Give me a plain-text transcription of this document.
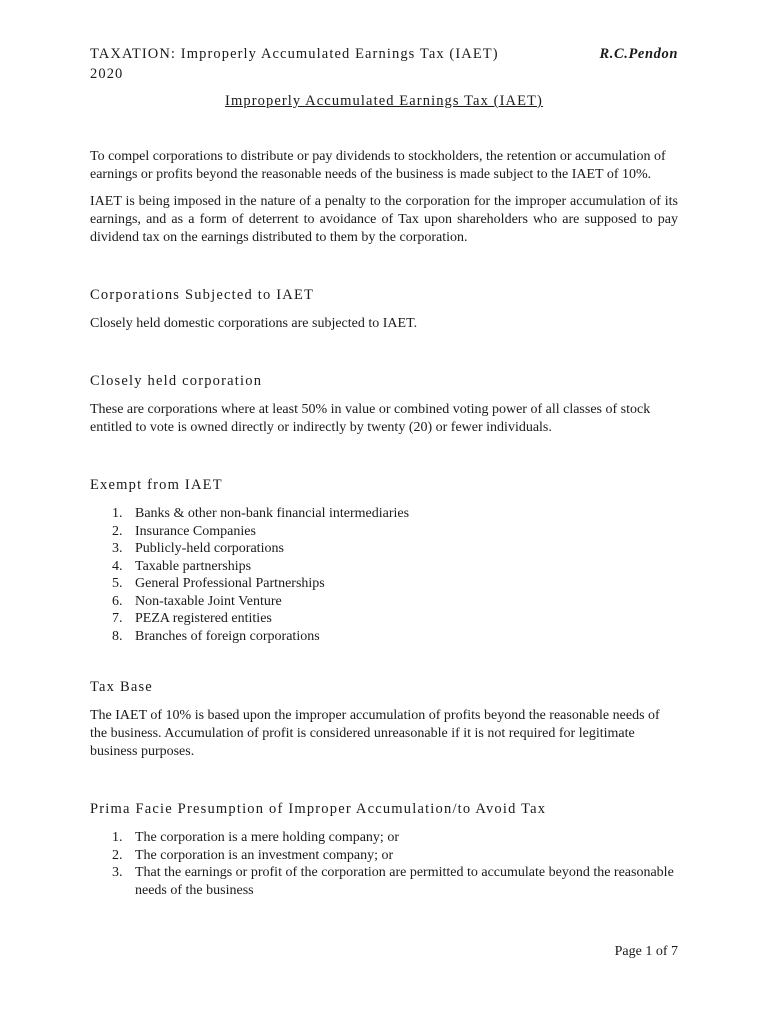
TAXATION: Improperly Accumulated Earnings Tax (IAET)	R.C.Pendon
2020
Improperly Accumulated Earnings Tax (IAET)

To compel corporations to distribute or pay dividends to stockholders, the retention or accumulation of earnings or profits beyond the reasonable needs of the business is made subject to the IAET of 10%.

IAET is being imposed in the nature of a penalty to the corporation for the improper accumulation of its earnings, and as a form of deterrent to avoidance of Tax upon shareholders who are supposed to pay dividend tax on the earnings distributed to them by the corporation.

Corporations Subjected to IAET

Closely held domestic corporations are subjected to IAET.

Closely held corporation

These are corporations where at least 50% in value or combined voting power of all classes of stock entitled to vote is owned directly or indirectly by twenty (20) or fewer individuals.

Exempt from IAET
1. Banks & other non-bank financial intermediaries
2. Insurance Companies
3. Publicly-held corporations
4. Taxable partnerships
5. General Professional Partnerships
6. Non-taxable Joint Venture
7. PEZA registered entities
8. Branches of foreign corporations
Tax Base

The IAET of 10% is based upon the improper accumulation of profits beyond the reasonable needs of the business. Accumulation of profit is considered unreasonable if it is not required for legitimate business purposes.

Prima Facie Presumption of Improper Accumulation/to Avoid Tax
1. The corporation is a mere holding company; or
2. The corporation is an investment company; or
3. That the earnings or profit of the corporation are permitted to accumulate beyond the reasonable needs of the business
Page 1 of 7
